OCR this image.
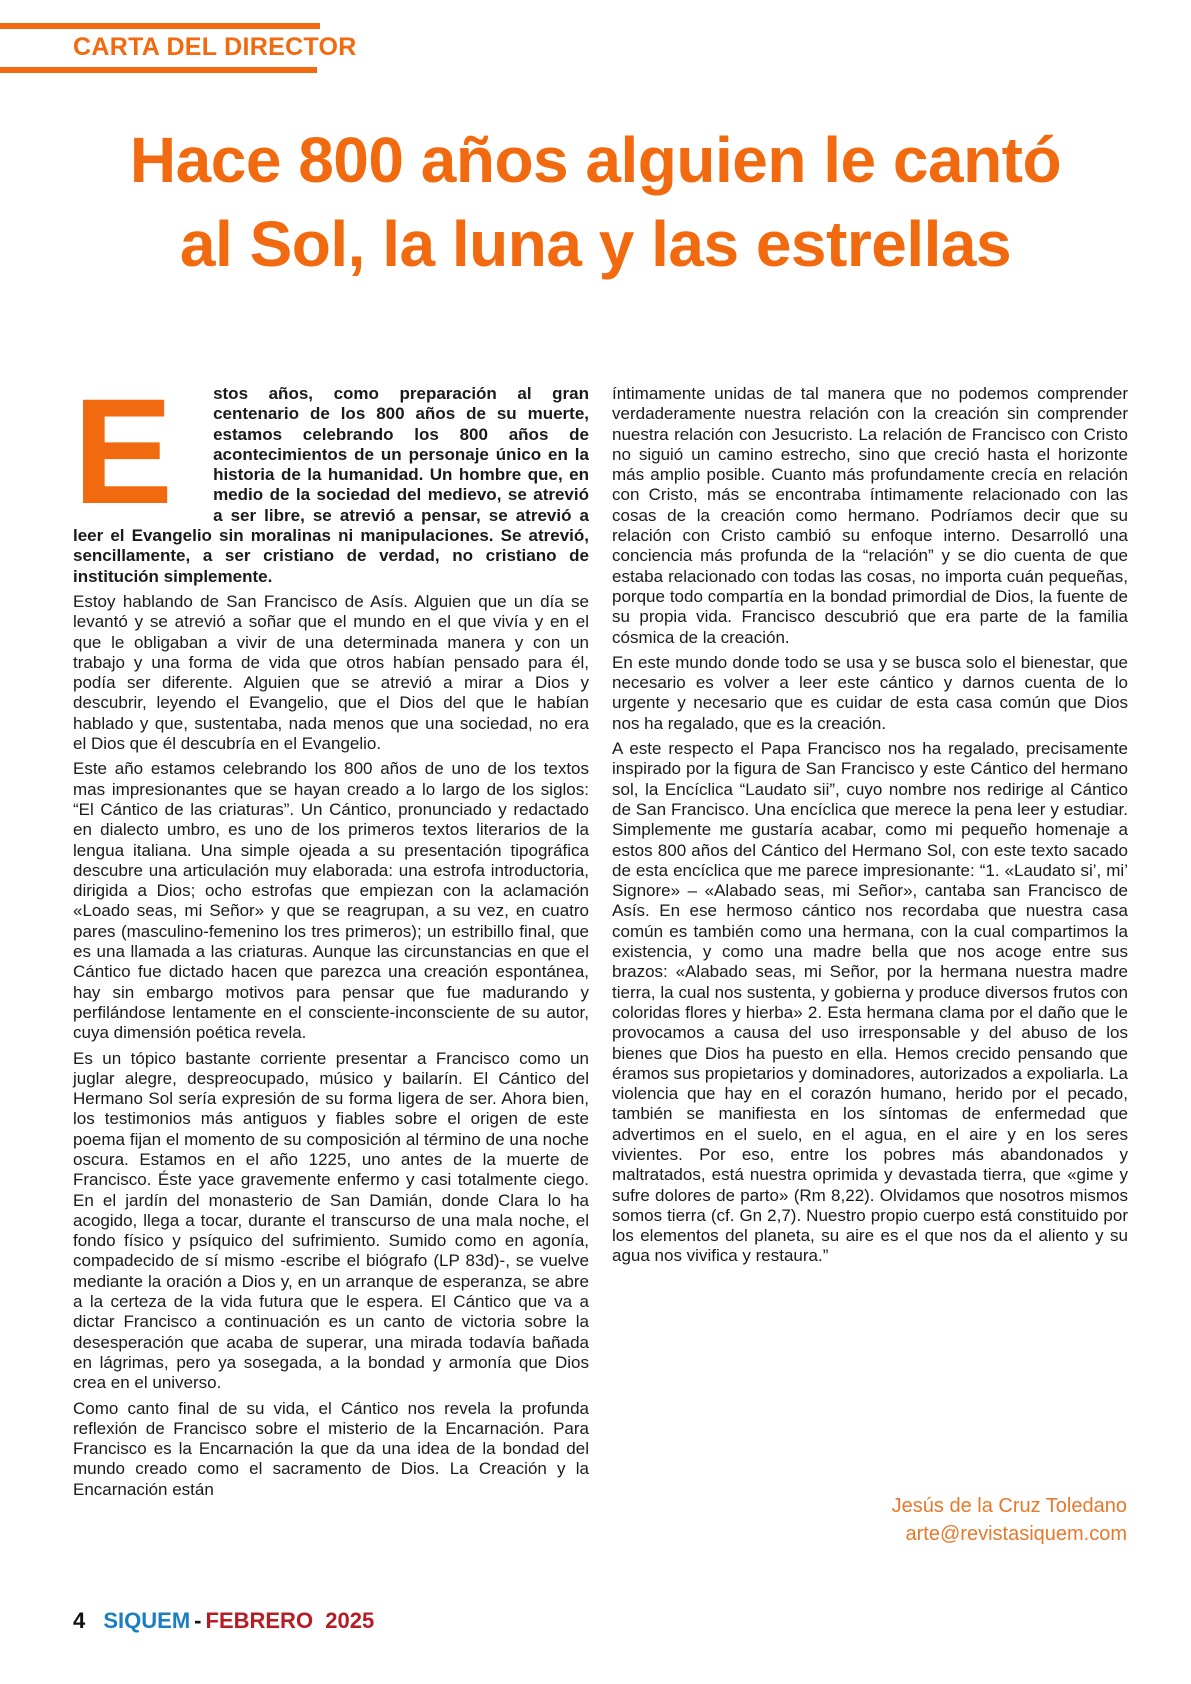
CARTA DEL DIRECTOR
Hace 800 años alguien le cantó
al Sol, la luna y las estrellas

E stos años, como preparación al gran centenario de los 800 años de su muerte, estamos celebrando los 800 años de acontecimientos de un personaje único en la historia de la humanidad. Un hombre que, en medio de la sociedad del medievo, se atrevió a ser libre, se atrevió a pensar, se atrevió a leer el Evangelio sin moralinas ni manipulaciones. Se atrevió, sencillamente, a ser cristiano de verdad, no cristiano de institución simplemente.

Estoy hablando de San Francisco de Asís. Alguien que un día se levantó y se atrevió a soñar que el mundo en el que vivía y en el que le obligaban a vivir de una determinada manera y con un trabajo y una forma de vida que otros habían pensado para él, podía ser diferente. Alguien que se atrevió a mirar a Dios y descubrir, leyendo el Evangelio, que el Dios del que le habían hablado y que, sustentaba, nada menos que una sociedad, no era el Dios que él descubría en el Evangelio.

Este año estamos celebrando los 800 años de uno de los textos mas impresionantes que se hayan creado a lo largo de los siglos: “El Cántico de las criaturas”. Un Cántico, pronunciado y redactado en dialecto umbro, es uno de los primeros textos literarios de la lengua italiana. Una simple ojeada a su presentación tipográfica descubre una articulación muy elaborada: una estrofa introductoria, dirigida a Dios; ocho estrofas que empiezan con la aclamación «Loado seas, mi Señor» y que se reagrupan, a su vez, en cuatro pares (masculino-femenino los tres primeros); un estribillo final, que es una llamada a las criaturas. Aunque las circunstancias en que el Cántico fue dictado hacen que parezca una creación espontánea, hay sin embargo motivos para pensar que fue madurando y perfilándose lentamente en el consciente-inconsciente de su autor, cuya dimensión poética revela.

Es un tópico bastante corriente presentar a Francisco como un juglar alegre, despreocupado, músico y bailarín. El Cántico del Hermano Sol sería expresión de su forma ligera de ser. Ahora bien, los testimonios más antiguos y fiables sobre el origen de este poema fijan el momento de su composición al término de una noche oscura. Estamos en el año 1225, uno antes de la muerte de Francisco. Éste yace gravemente enfermo y casi totalmente ciego. En el jardín del monasterio de San Damián, donde Clara lo ha acogido, llega a tocar, durante el transcurso de una mala noche, el fondo físico y psíquico del sufrimiento. Sumido como en agonía, compadecido de sí mismo -escribe el biógrafo (LP 83d)-, se vuelve mediante la oración a Dios y, en un arranque de esperanza, se abre a la certeza de la vida futura que le espera. El Cántico que va a dictar Francisco a continuación es un canto de victoria sobre la desesperación que acaba de superar, una mirada todavía bañada en lágrimas, pero ya sosegada, a la bondad y armonía que Dios crea en el universo.

Como canto final de su vida, el Cántico nos revela la profunda reflexión de Francisco sobre el misterio de la Encarnación. Para Francisco es la Encarnación la que da una idea de la bondad del mundo creado como el sacramento de Dios. La Creación y la Encarnación están

íntimamente unidas de tal manera que no podemos comprender verdaderamente nuestra relación con la creación sin comprender nuestra relación con Jesucristo. La relación de Francisco con Cristo no siguió un camino estrecho, sino que creció hasta el horizonte más amplio posible. Cuanto más profundamente crecía en relación con Cristo, más se encontraba íntimamente relacionado con las cosas de la creación como hermano. Podríamos decir que su relación con Cristo cambió su enfoque interno. Desarrolló una conciencia más profunda de la “relación” y se dio cuenta de que estaba relacionado con todas las cosas, no importa cuán pequeñas, porque todo compartía en la bondad primordial de Dios, la fuente de su propia vida. Francisco descubrió que era parte de la familia cósmica de la creación.

En este mundo donde todo se usa y se busca solo el bienestar, que necesario es volver a leer este cántico y darnos cuenta de lo urgente y necesario que es cuidar de esta casa común que Dios nos ha regalado, que es la creación.

A este respecto el Papa Francisco nos ha regalado, precisamente inspirado por la figura de San Francisco y este Cántico del hermano sol, la Encíclica “Laudato sii”, cuyo nombre nos redirige al Cántico de San Francisco. Una encíclica que merece la pena leer y estudiar. Simplemente me gustaría acabar, como mi pequeño homenaje a estos 800 años del Cántico del Hermano Sol, con este texto sacado de esta encíclica que me parece impresionante: “1. «Laudato si’, mi’ Signore» – «Alabado seas, mi Señor», cantaba san Francisco de Asís. En ese hermoso cántico nos recordaba que nuestra casa común es también como una hermana, con la cual compartimos la existencia, y como una madre bella que nos acoge entre sus brazos: «Alabado seas, mi Señor, por la hermana nuestra madre tierra, la cual nos sustenta, y gobierna y produce diversos frutos con coloridas flores y hierba» 2. Esta hermana clama por el daño que le provocamos a causa del uso irresponsable y del abuso de los bienes que Dios ha puesto en ella. Hemos crecido pensando que éramos sus propietarios y dominadores, autorizados a expoliarla. La violencia que hay en el corazón humano, herido por el pecado, también se manifiesta en los síntomas de enfermedad que advertimos en el suelo, en el agua, en el aire y en los seres vivientes. Por eso, entre los pobres más abandonados y maltratados, está nuestra oprimida y devastada tierra, que «gime y sufre dolores de parto» (Rm 8,22). Olvidamos que nosotros mismos somos tierra (cf. Gn 2,7). Nuestro propio cuerpo está constituido por los elementos del planeta, su aire es el que nos da el aliento y su agua nos vivifica y restaura.”

Jesús de la Cruz Toledano
arte@revistasiquem.com
4 SIQUEM - FEBRERO  2025
